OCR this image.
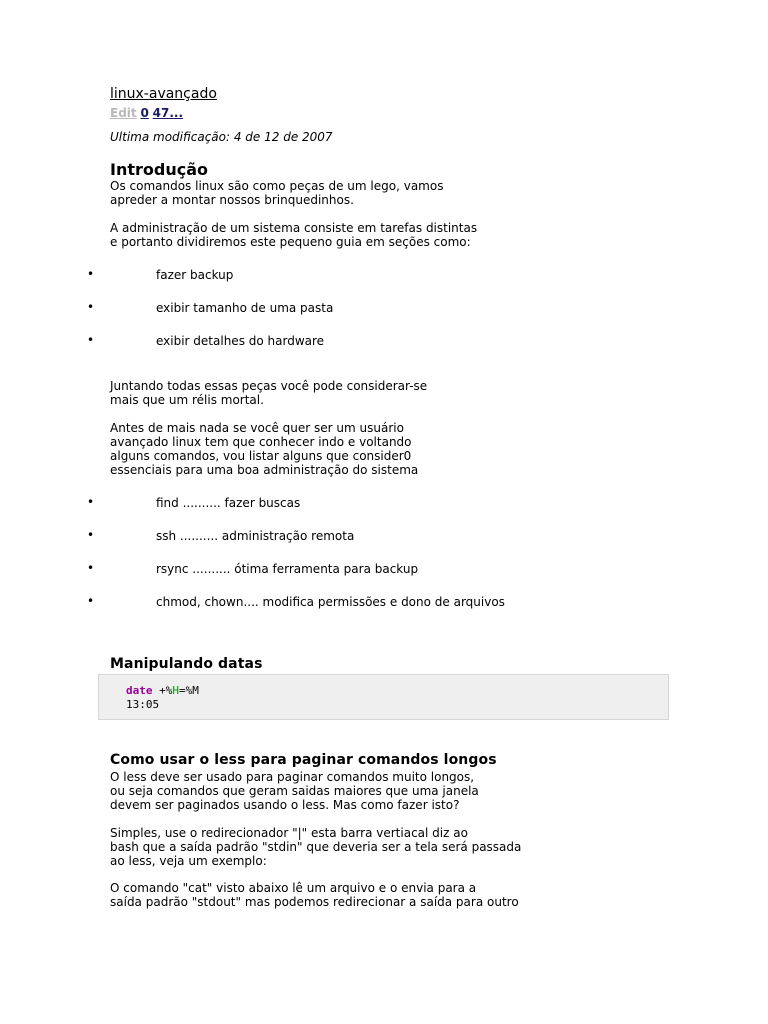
linux-avançado
Edit 0 47...
Ultima modificação: 4 de 12 de 2007
Introdução
Os comandos linux são como peças de um lego, vamos
apreder a montar nossos brinquedinhos.
A administração de um sistema consiste em tarefas distintas
e portanto dividiremos este pequeno guia em seções como:
•	fazer backup
•	exibir tamanho de uma pasta
•	exibir detalhes do hardware
Juntando todas essas peças você pode considerar-se
mais que um rélis mortal.
Antes de mais nada se você quer ser um usuário
avançado linux tem que conhecer indo e voltando
alguns comandos, vou listar alguns que consider0
essenciais para uma boa administração do sistema
•	find .......... fazer buscas
•	ssh .......... administração remota
•	rsync .......... ótima ferramenta para backup
•	chmod, chown.... modifica permissões e dono de arquivos
Manipulando datas
date +%H=%M
13:05
Como usar o less para paginar comandos longos
O less deve ser usado para paginar comandos muito longos,
ou seja comandos que geram saidas maiores que uma janela
devem ser paginados usando o less. Mas como fazer isto?
Simples, use o redirecionador "|" esta barra vertiacal diz ao
bash que a saída padrão "stdin" que deveria ser a tela será passada
ao less, veja um exemplo:
O comando "cat" visto abaixo lê um arquivo e o envia para a
saída padrão "stdout" mas podemos redirecionar a saída para outro
